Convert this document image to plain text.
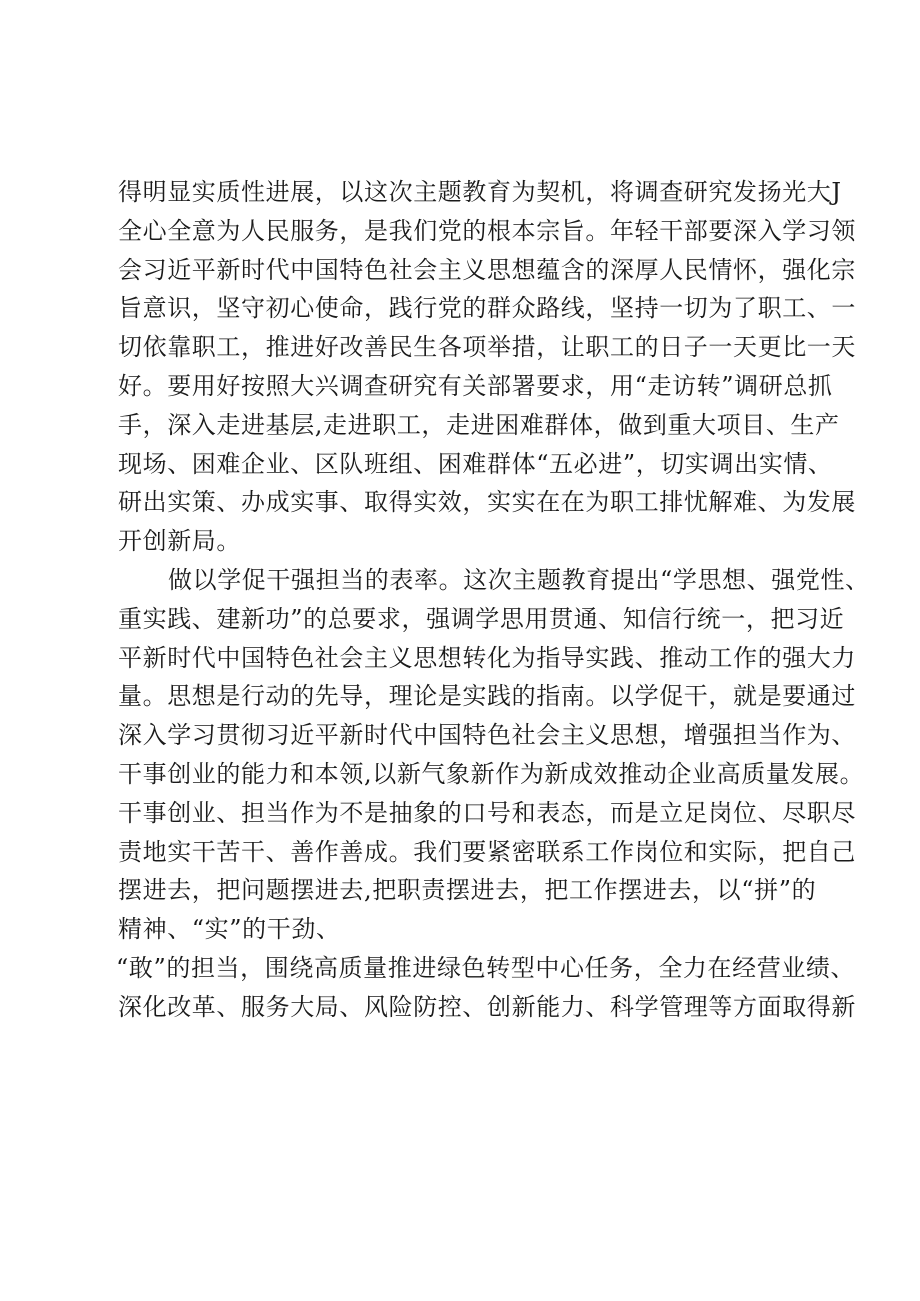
得明显实质性进展，以这次主题教育为契机，将调查研究发扬光大J
全心全意为人民服务，是我们党的根本宗旨。年轻干部要深入学习领
会习近平新时代中国特色社会主义思想蕴含的深厚人民情怀，强化宗
旨意识，坚守初心使命，践行党的群众路线，坚持一切为了职工、一
切依靠职工，推进好改善民生各项举措，让职工的日子一天更比一天
好。要用好按照大兴调查研究有关部署要求，用“走访转”调研总抓
手，深入走进基层,走进职工，走进困难群体，做到重大项目、生产
现场、困难企业、区队班组、困难群体“五必进”，切实调出实情、
研出实策、办成实事、取得实效，实实在在为职工排忧解难、为发展
开创新局。
做以学促干强担当的表率。这次主题教育提出“学思想、强党性、
重实践、建新功”的总要求，强调学思用贯通、知信行统一，把习近
平新时代中国特色社会主义思想转化为指导实践、推动工作的强大力
量。思想是行动的先导，理论是实践的指南。以学促干，就是要通过
深入学习贯彻习近平新时代中国特色社会主义思想，增强担当作为、
干事创业的能力和本领,以新气象新作为新成效推动企业高质量发展。
干事创业、担当作为不是抽象的口号和表态，而是立足岗位、尽职尽
责地实干苦干、善作善成。我们要紧密联系工作岗位和实际，把自己
摆进去，把问题摆进去,把职责摆进去，把工作摆进去，以“拼”的
精神、“实”的干劲、
“敢”的担当，围绕高质量推进绿色转型中心任务，全力在经营业绩、
深化改革、服务大局、风险防控、创新能力、科学管理等方面取得新
